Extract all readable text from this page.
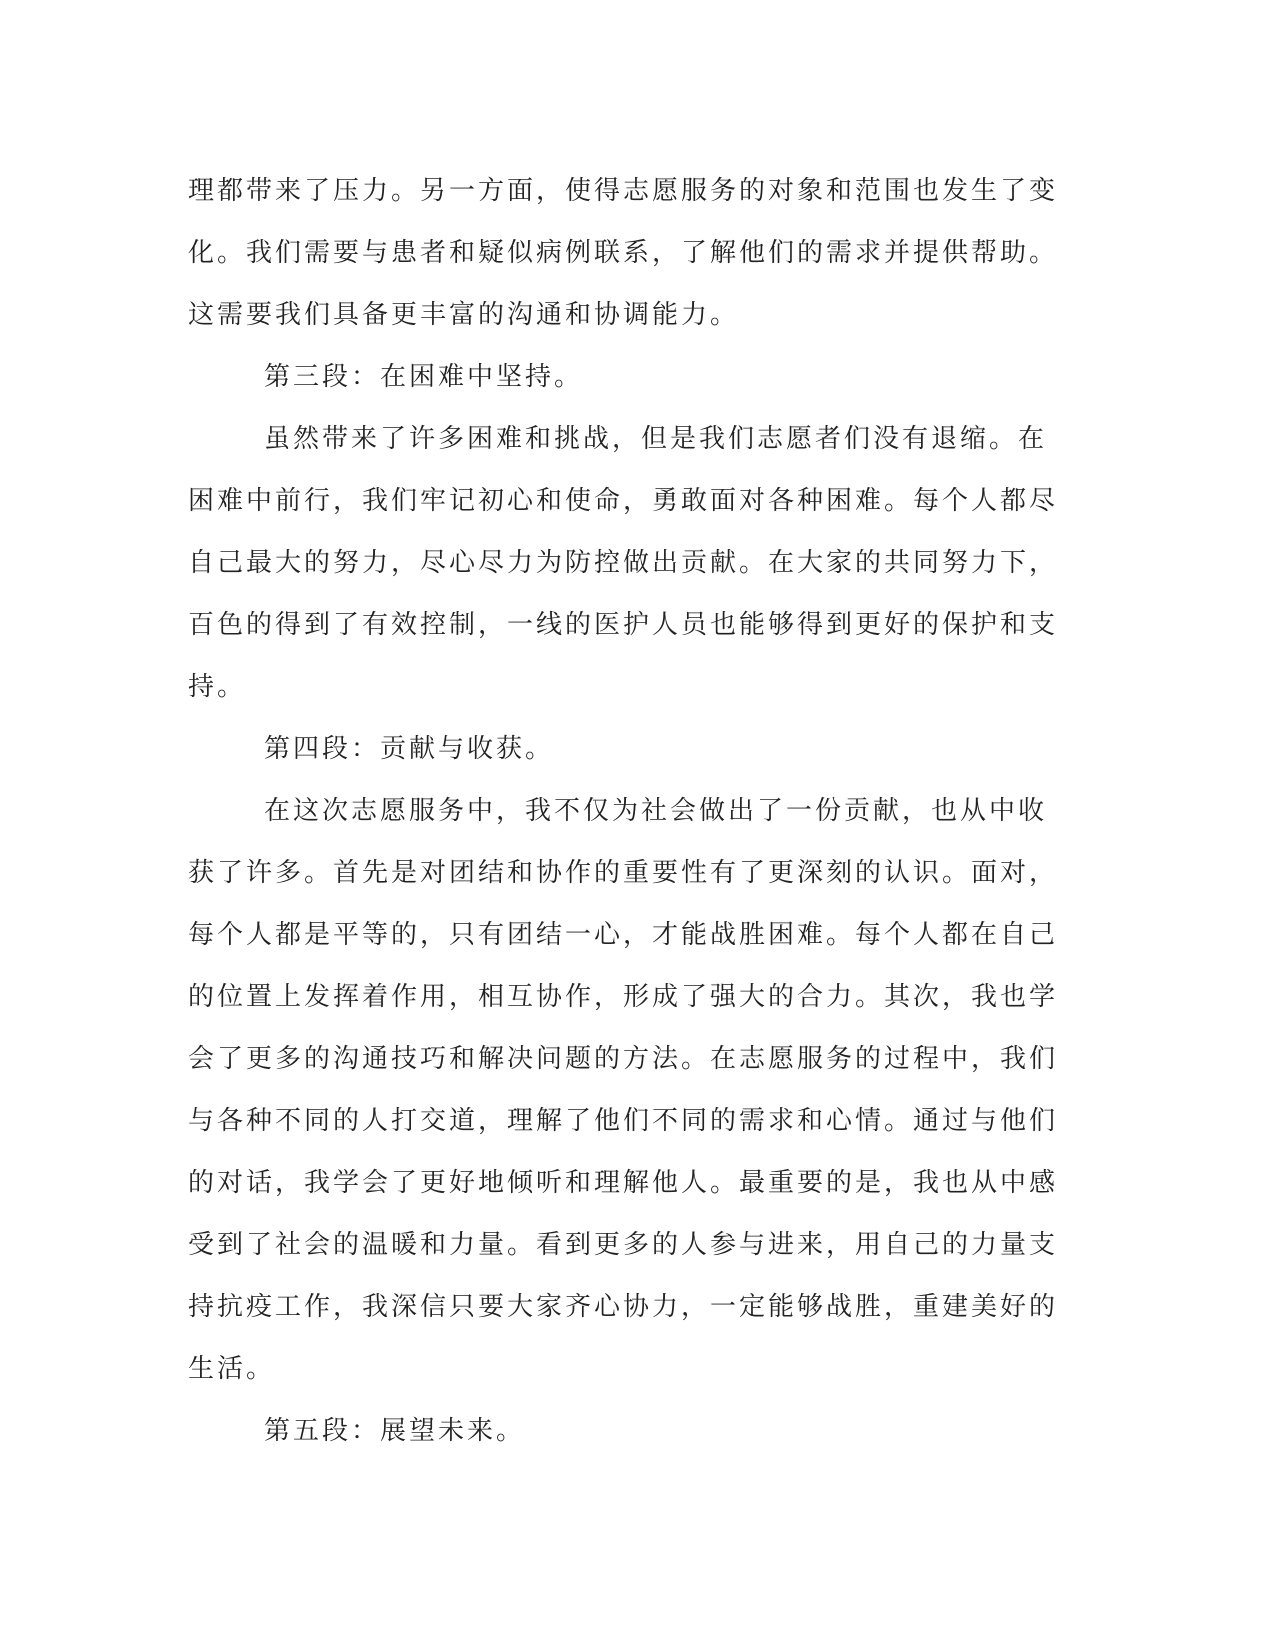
理都带来了压力。另一方面，使得志愿服务的对象和范围也发生了变化。我们需要与患者和疑似病例联系，了解他们的需求并提供帮助。这需要我们具备更丰富的沟通和协调能力。

第三段：在困难中坚持。

虽然带来了许多困难和挑战，但是我们志愿者们没有退缩。在困难中前行，我们牢记初心和使命，勇敢面对各种困难。每个人都尽自己最大的努力，尽心尽力为防控做出贡献。在大家的共同努力下，百色的得到了有效控制，一线的医护人员也能够得到更好的保护和支持。

第四段：贡献与收获。

在这次志愿服务中，我不仅为社会做出了一份贡献，也从中收获了许多。首先是对团结和协作的重要性有了更深刻的认识。面对，每个人都是平等的，只有团结一心，才能战胜困难。每个人都在自己的位置上发挥着作用，相互协作，形成了强大的合力。其次，我也学会了更多的沟通技巧和解决问题的方法。在志愿服务的过程中，我们与各种不同的人打交道，理解了他们不同的需求和心情。通过与他们的对话，我学会了更好地倾听和理解他人。最重要的是，我也从中感受到了社会的温暖和力量。看到更多的人参与进来，用自己的力量支持抗疫工作，我深信只要大家齐心协力，一定能够战胜，重建美好的生活。

第五段：展望未来。
